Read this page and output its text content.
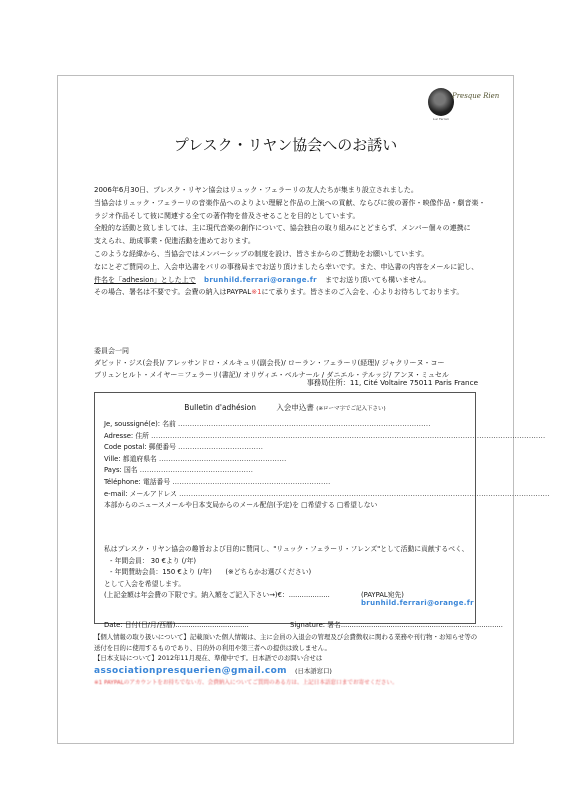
Presque Rien
Luc Ferrari
プレスク・リヤン協会へのお誘い

2006年6月30日、プレスク・リヤン協会はリュック・フェラーリの友人たちが集まり設立されました。

当協会はリュック・フェラーリの音楽作品へのよりよい理解と作品の上演への貢献、ならびに彼の著作・映像作品・劇音楽・

ラジオ作品そして彼に関連する全ての著作物を普及させることを目的としています。

全般的な活動と致しましては、主に現代音楽の創作について、協会独自の取り組みにとどまらず、メンバー個々の連携に

支えられ、助成事業・促進活動を進めております。

このような経緯から、当協会ではメンバーシップの制度を設け、皆さまからのご賛助をお願いしています。

なにとぞご賛同の上、入会申込書をパリの事務局までお送り頂けましたら幸いです。また、申込書の内容をメールに記し、

件名を「adhesion」とした上で brunhild.ferrari@orange.fr までお送り頂いても構いません。

その場合、署名は不要です。会費の納入はPAYPAL※1にて承ります。皆さまのご入会を、心よりお待ちしております。

委員会一同

ダビッド・ジス(会長)/ アレッサンドロ・メルキュリ(副会長)/ ローラン・フェラーリ(経理)/ ジャクリーヌ・コー

ブリュンヒルト・メイヤー＝フェラーリ(書記)/ オリヴィエ・ベルナール / ダニエル・テルッジ/ アンヌ・ミュセル

事務局住所：11, Cité Voltaire 75011 Paris France
Bulletin d'adhésion	入会申込書 (※ローマ字でご記入下さい)
Je, soussigné(e): 名前 ...........................................................................................................
Adresse: 住所 .......................................................................................................................................................................
Code postal: 郵便番号 ....................................
Ville: 都道府県名 ......................................................
Pays: 国名 ................................................
Téléphone: 電話番号 ...................................................................
e-mail: メールアドレス .............................................................................................................................................................
本部からのニュースメールや日本支局からのメール配信(予定)を □希望する □希望しない

私はプレスク・リヤン協会の趣旨および目的に賛同し、"リュック・フェラーリ・フレンズ"として活動に貢献するべく、

- 年間会員： 30 €より (/年)

- 年間賛助会員：150 €より (/年)　　(※どちらかお選びください)

として入会を希望します。

(上記金額は年会費の下限です。納入額をご記入下さい→)€：...................	(PAYPAL宛先)
brunhild.ferrari@orange.fr
Date: 日付(日/月/西暦)..................................	Signature: 署名...........................................................................

【個人情報の取り扱いについて】記載頂いた個人情報は、主に会員の入退会の管理及び会費徴収に関わる業務や刊行物・お知らせ等の

送付を目的に使用するものであり、目的外の利用や第三者への提供は致しません。

【日本支局について】2012年11月現在、準備中です。日本語でのお問い合せは

associationpresquerien@gmail.com (日本語窓口)

※1 PAYPALのアカウントをお持ちでない方、会費納入についてご質問のある方は、上記日本語窓口までお寄せください。
